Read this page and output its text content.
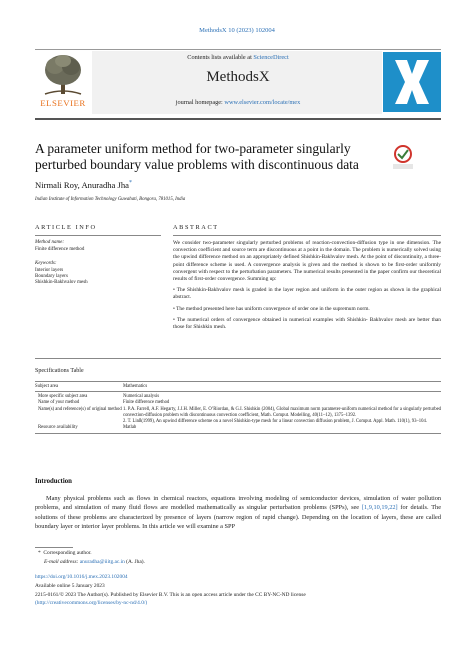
MethodsX 10 (2023) 102004
ELSEVIER
Contents lists available at ScienceDirect
MethodsX
journal homepage: www.elsevier.com/locate/mex
A parameter uniform method for two-parameter singularly perturbed boundary value problems with discontinuous data
Nirmali Roy, Anuradha Jha*
Indian Institute of Information Technology Guwahati, Bongora, 781015, India
ARTICLE INFO
Method name:
Finite difference method
Keywords:
Interior layers
Boundary layers
Shishkin-Bakhvalov mesh
ABSTRACT

We consider two-parameter singularly perturbed problems of reaction-convection-diffusion type in one dimension. The convection coefficient and source term are discontinuous at a point in the domain. The problem is numerically solved using the upwind difference method on an appropriately defined Shishkin-Bakhvalov mesh. At the point of discontinuity, a three-point difference scheme is used. A convergence analysis is given and the method is shown to be first-order uniformly convergent with respect to the perturbation parameters. The numerical results presented in the paper confirm our theoretical results of first-order convergence. Summing up:

• The Shishkin-Bakhvalov mesh is graded in the layer region and uniform in the outer region as shown in the graphical abstract.

• The method presented here has uniform convergence of order one in the supremum norm.

• The numerical orders of convergence obtained in numerical examples with Shishkin- Bakhvalov mesh are better than those for Shishkin mesh.

Specifications Table
Subject area	Mathematics
More specific subject area	Numerical analysis
Name of your method	Finite difference method
Name(s) and reference(s) of original method	1. P.A. Farrell, A.F. Hegarty, J.J.H. Miller, E. O’Riordan, & G.I. Shishkin (2004), Global maximum norm parameter-uniform numerical method for a singularly perturbed convection-diffusion problem with discontinuous convection coefficient, Math. Comput. Modelling, 40(11–12), 1375–1392.
2. T. Linß(1999), An upwind difference scheme on a novel Shishkin-type mesh for a linear convection diffusion problem, J. Comput. Appl. Math. 110(1), 93–104.

Resource availability	Matlab
Introduction
Many physical problems such as flows in chemical reactors, equations involving modeling of semiconductor devices, simulation of water pollution problems, and simulation of many fluid flows are modelled mathematically as singular perturbation problems (SPPs), see [1,9,10,19,22] for details. The solutions of these problems are characterized by presence of layers (narrow region of rapid change). Depending on the location of layers, these are called boundary layer or interior layer problems. In this article we will examine a SPP
* Corresponding author.
E-mail address: anuradha@iiitg.ac.in (A. Jha).
https://doi.org/10.1016/j.mex.2023.102004
Available online 5 January 2023
2215-0161/© 2023 The Author(s). Published by Elsevier B.V. This is an open access article under the CC BY-NC-ND license
(http://creativecommons.org/licenses/by-nc-nd/4.0/)
